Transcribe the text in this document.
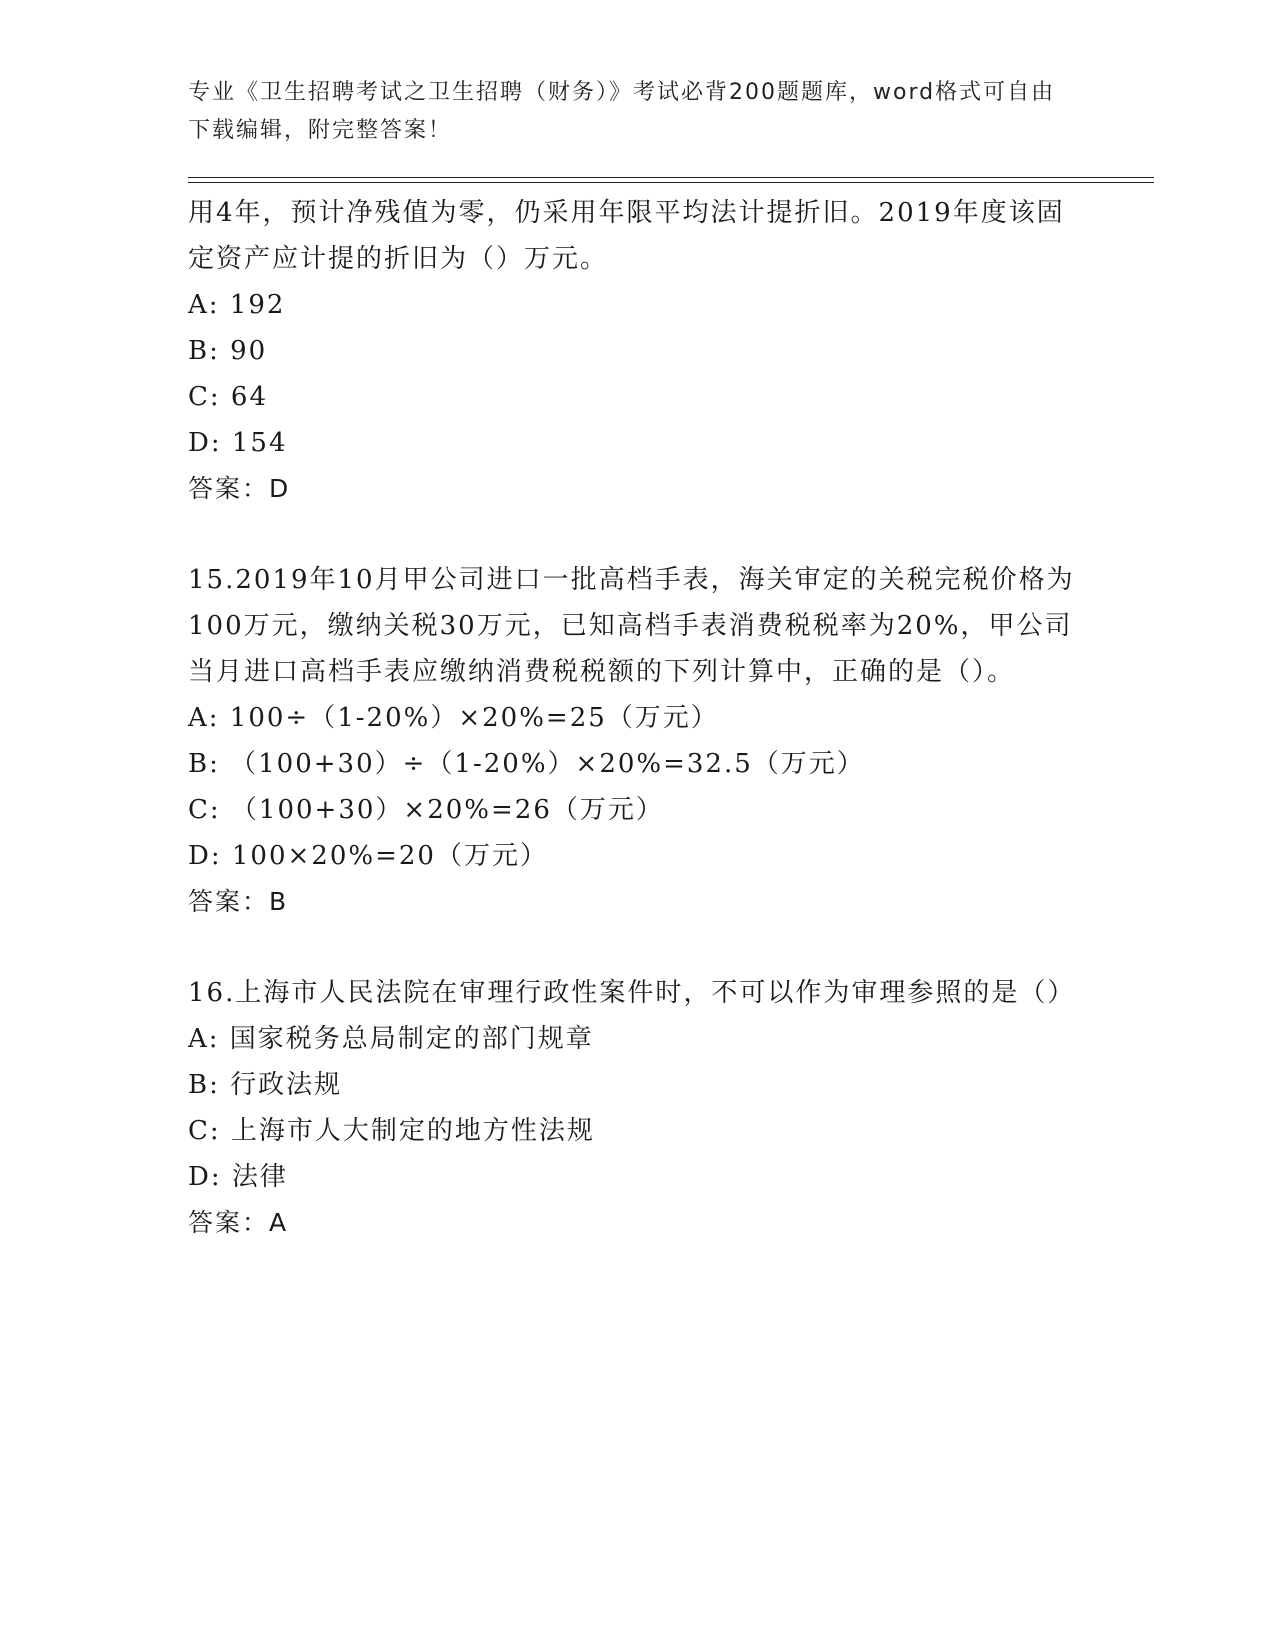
专业《卫生招聘考试之卫生招聘（财务）》考试必背200题题库，word格式可自由下载编辑，附完整答案！

用4年，预计净残值为零，仍采用年限平均法计提折旧。2019年度该固定资产应计提的折旧为（）万元。

A: 192

B: 90

C: 64

D: 154

答案：D

15.2019年10月甲公司进口一批高档手表，海关审定的关税完税价格为100万元，缴纳关税30万元，已知高档手表消费税税率为20%，甲公司当月进口高档手表应缴纳消费税税额的下列计算中，正确的是（）。

A: 100÷（1-20%）×20%=25（万元）

B: （100+30）÷（1-20%）×20%=32.5（万元）

C: （100+30）×20%=26（万元）

D: 100×20%=20（万元）

答案：B

16.上海市人民法院在审理行政性案件时，不可以作为审理参照的是（）

A: 国家税务总局制定的部门规章

B: 行政法规

C: 上海市人大制定的地方性法规

D: 法律

答案：A
